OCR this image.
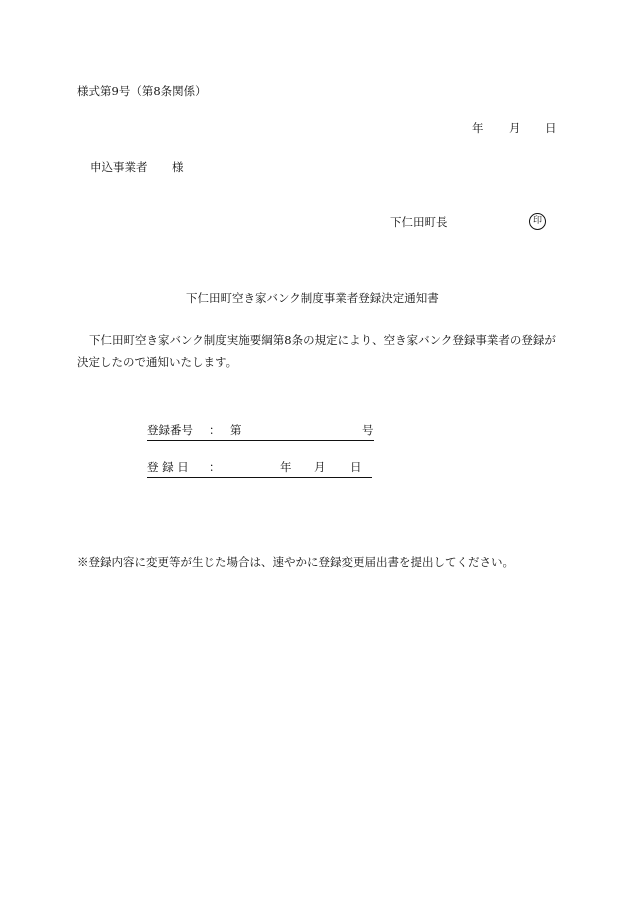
様式第9号（第8条関係）
年 月 日
申込事業者 様
下仁田町長	印
下仁田町空き家バンク制度事業者登録決定通知書
下仁田町空き家バンク制度実施要綱第8条の規定により、空き家バンク登録事業者の登録が決定したので通知いたします。
登録番号 ： 第	号
登 録 日 ：	年 月 日
※登録内容に変更等が生じた場合は、速やかに登録変更届出書を提出してください。
